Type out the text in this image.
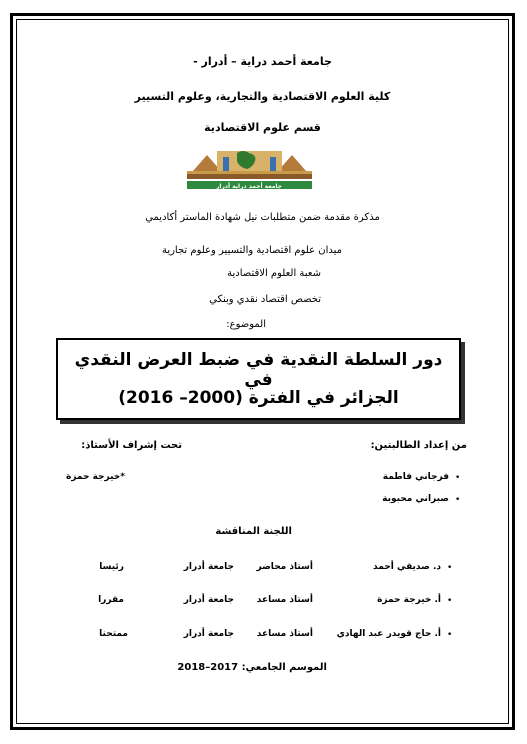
جامعة أحمد دراية – أدرار -
كلية العلوم الاقتصادية والتجارية، وعلوم التسيير
قسم علوم الاقتصادية
جامعة أحمد دراية أدرار
مذكرة مقدمة ضمن متطلبات نيل شهادة الماستر أكاديمي
ميدان علوم اقتصادية والتسيير وعلوم تجارية
شعبة العلوم الاقتصادية
تخصص اقتصاد نقدي وبنكي
الموضوع:
دور السلطة النقدية في ضبط العرض النقدي في
الجزائر في الفترة (2000– 2016)
من إعداد الطالبتين:
تحت إشراف الأستاذ:
•
فرجاني فاطمة
•
صبراني محبوبة
*خيرجة حمزة
اللجنة المناقشة
•
د. صديقي أحمد
أستاذ محاضر
جامعة أدرار
رئيسا
•
أ. خيرجة حمزة
أستاذ مساعد
جامعة أدرار
مقررا
•
أ. حاج قويدر عبد الهادي
أستاذ مساعد
جامعة أدرار
ممتحنا
الموسم الجامعي: 2017–2018
